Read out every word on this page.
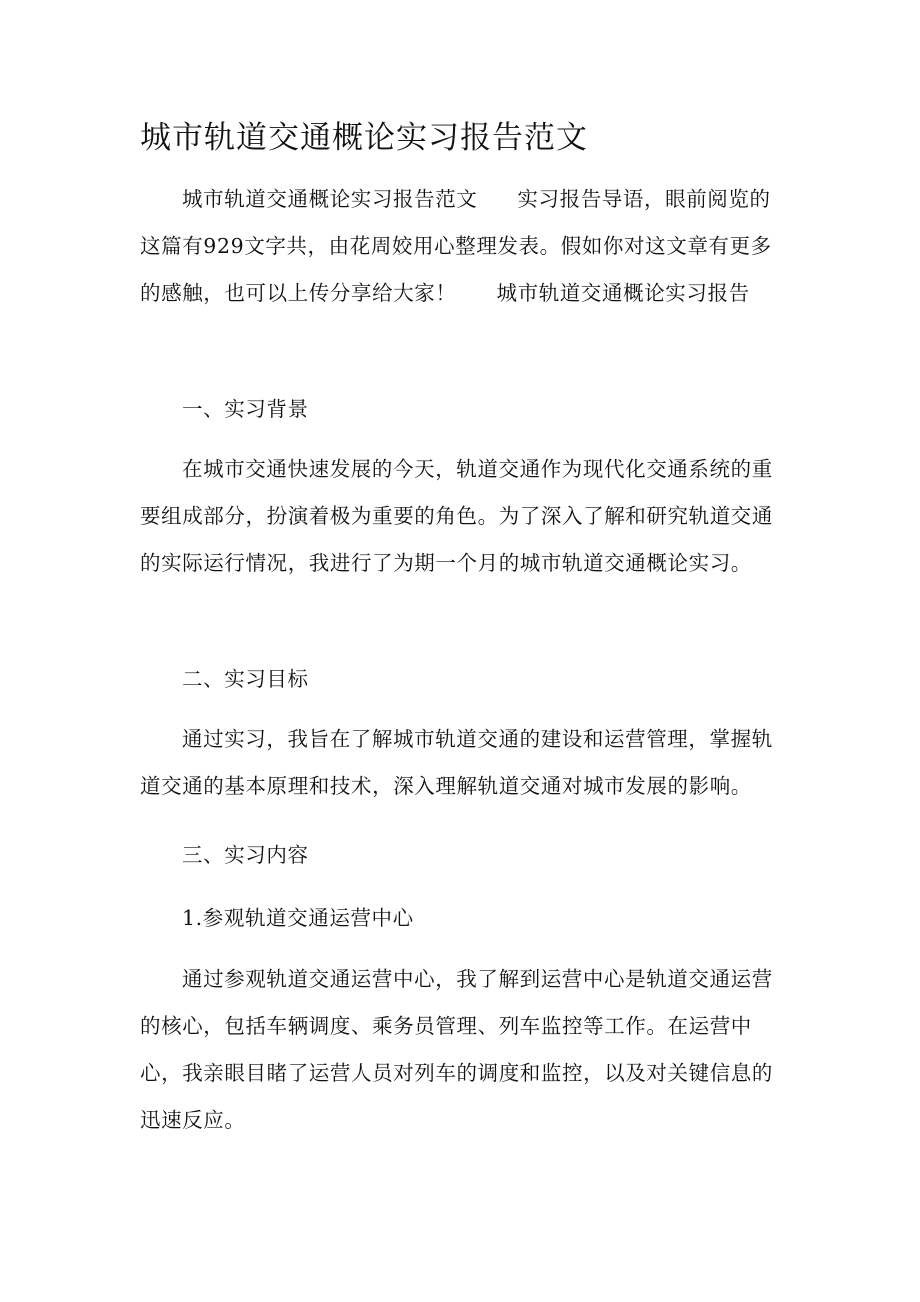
城市轨道交通概论实习报告范文

城市轨道交通概论实习报告范文 实习报告导语，眼前阅览的这篇有929文字共，由花周姣用心整理发表。假如你对这文章有更多的感触，也可以上传分享给大家！ 城市轨道交通概论实习报告

一、实习背景

在城市交通快速发展的今天，轨道交通作为现代化交通系统的重要组成部分，扮演着极为重要的角色。为了深入了解和研究轨道交通的实际运行情况，我进行了为期一个月的城市轨道交通概论实习。

二、实习目标

通过实习，我旨在了解城市轨道交通的建设和运营管理，掌握轨道交通的基本原理和技术，深入理解轨道交通对城市发展的影响。

三、实习内容

1.参观轨道交通运营中心

通过参观轨道交通运营中心，我了解到运营中心是轨道交通运营的核心，包括车辆调度、乘务员管理、列车监控等工作。在运营中心，我亲眼目睹了运营人员对列车的调度和监控，以及对关键信息的迅速反应。
